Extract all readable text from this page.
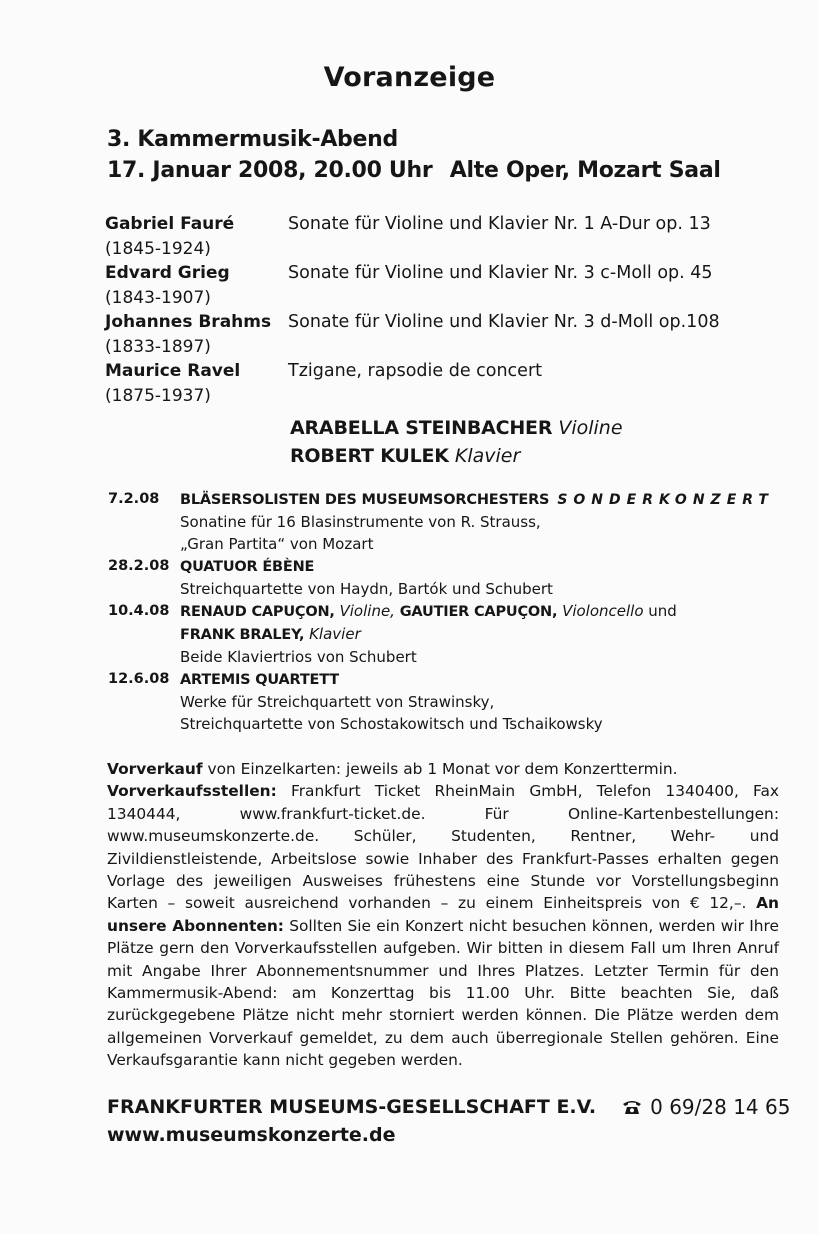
Voranzeige
3. Kammermusik-Abend
17. Januar 2008, 20.00 Uhr Alte Oper, Mozart Saal
Gabriel Fauré	Sonate für Violine und Klavier Nr. 1 A-Dur op. 13
(1845-1924)
Edvard Grieg	Sonate für Violine und Klavier Nr. 3 c-Moll op. 45
(1843-1907)
Johannes Brahms Sonate für Violine und Klavier Nr. 3 d-Moll op.108
(1833-1897)
Maurice Ravel	Tzigane, rapsodie de concert
(1875-1937)
ARABELLA STEINBACHER Violine
ROBERT KULEK Klavier
7.2.08	BLÄSERSOLISTEN DES MUSEUMSORCHESTERS SONDERKONZERT
Sonatine für 16 Blasinstrumente von R. Strauss,
„Gran Partita“ von Mozart
28.2.08 QUATUOR ÉBÈNE
Streichquartette von Haydn, Bartók und Schubert
10.4.08 RENAUD CAPUÇON, Violine, GAUTIER CAPUÇON, Violoncello und
FRANK BRALEY, Klavier
Beide Klaviertrios von Schubert
12.6.08 ARTEMIS QUARTETT
Werke für Streichquartett von Strawinsky,
Streichquartette von Schostakowitsch und Tschaikowsky

Vorverkauf von Einzelkarten: jeweils ab 1 Monat vor dem Konzerttermin.

Vorverkaufsstellen: Frankfurt Ticket RheinMain GmbH, Telefon 1340400, Fax 1340444, www.frankfurt-ticket.de. Für Online-Kartenbestellungen: www.museumskonzerte.de. Schüler, Studenten, Rentner, Wehr- und Zivildienstleistende, Arbeitslose sowie Inhaber des Frankfurt-Passes erhalten gegen Vorlage des jeweiligen Ausweises frühestens eine Stunde vor Vorstellungsbeginn Karten – soweit ausreichend vorhanden – zu einem Einheitspreis von € 12,–. An unsere Abonnenten: Sollten Sie ein Konzert nicht besuchen können, werden wir Ihre Plätze gern den Vorverkaufsstellen aufgeben. Wir bitten in diesem Fall um Ihren Anruf mit Angabe Ihrer Abonnementsnummer und Ihres Platzes. Letzter Termin für den Kammermusik-Abend: am Konzerttag bis 11.00 Uhr. Bitte beachten Sie, daß zurückgegebene Plätze nicht mehr storniert werden können. Die Plätze werden dem allgemeinen Vorverkauf gemeldet, zu dem auch überregionale Stellen gehören. Eine Verkaufsgarantie kann nicht gegeben werden.

FRANKFURTER MUSEUMS-GESELLSCHAFT E.V.	0 69/28 14 65
www.museumskonzerte.de
